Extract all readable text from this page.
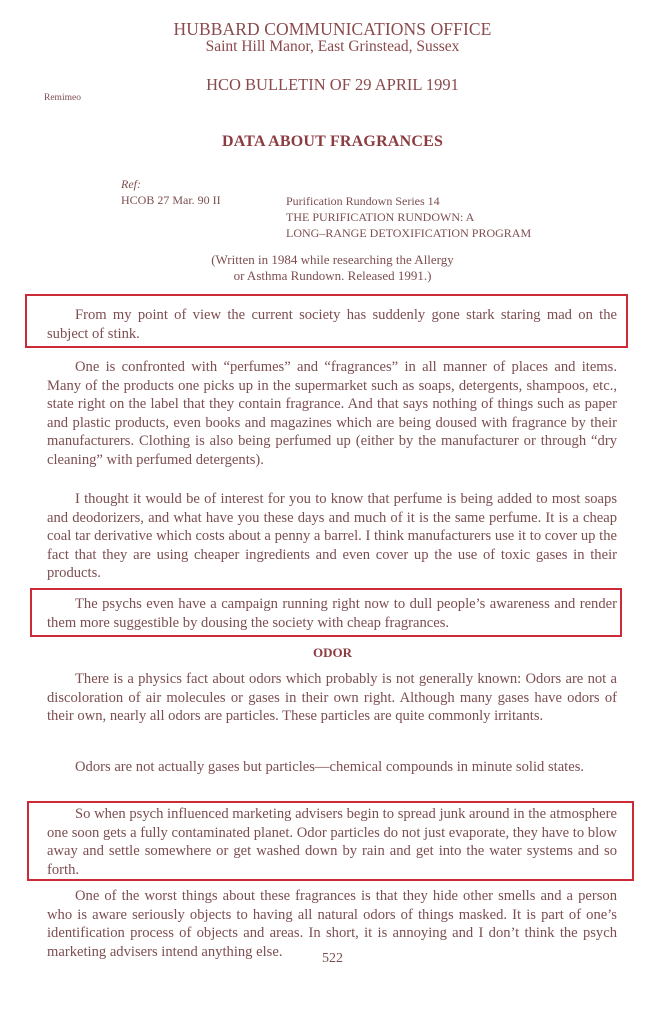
HUBBARD COMMUNICATIONS OFFICE
Saint Hill Manor, East Grinstead, Sussex
HCO BULLETIN OF 29 APRIL 1991
Remimeo
DATA ABOUT FRAGRANCES
Ref:
HCOB 27 Mar. 90 II	Purification Rundown Series 14
THE PURIFICATION RUNDOWN: A
LONG–RANGE DETOXIFICATION PROGRAM
(Written in 1984 while researching the Allergy
or Asthma Rundown. Released 1991.)

From my point of view the current society has suddenly gone stark staring mad on the subject of stink.

One is confronted with “perfumes” and “fragrances” in all manner of places and items. Many of the products one picks up in the supermarket such as soaps, detergents, shampoos, etc., state right on the label that they contain fragrance. And that says nothing of things such as paper and plastic products, even books and magazines which are being doused with fragrance by their manufacturers. Clothing is also being perfumed up (either by the manufacturer or through “dry cleaning” with perfumed detergents).

I thought it would be of interest for you to know that perfume is being added to most soaps and deodorizers, and what have you these days and much of it is the same perfume. It is a cheap coal tar derivative which costs about a penny a barrel. I think manufacturers use it to cover up the fact that they are using cheaper ingredients and even cover up the use of toxic gases in their products.

The psychs even have a campaign running right now to dull people’s awareness and render them more suggestible by dousing the society with cheap fragrances.

ODOR

There is a physics fact about odors which probably is not generally known: Odors are not a discoloration of air molecules or gases in their own right. Although many gases have odors of their own, nearly all odors are particles. These particles are quite commonly irritants.

Odors are not actually gases but particles—chemical compounds in minute solid states.

So when psych influenced marketing advisers begin to spread junk around in the atmosphere one soon gets a fully contaminated planet. Odor particles do not just evaporate, they have to blow away and settle somewhere or get washed down by rain and get into the water systems and so forth.

One of the worst things about these fragrances is that they hide other smells and a person who is aware seriously objects to having all natural odors of things masked. It is part of one’s identification process of objects and areas. In short, it is annoying and I don’t think the psych marketing advisers intend anything else.	522
